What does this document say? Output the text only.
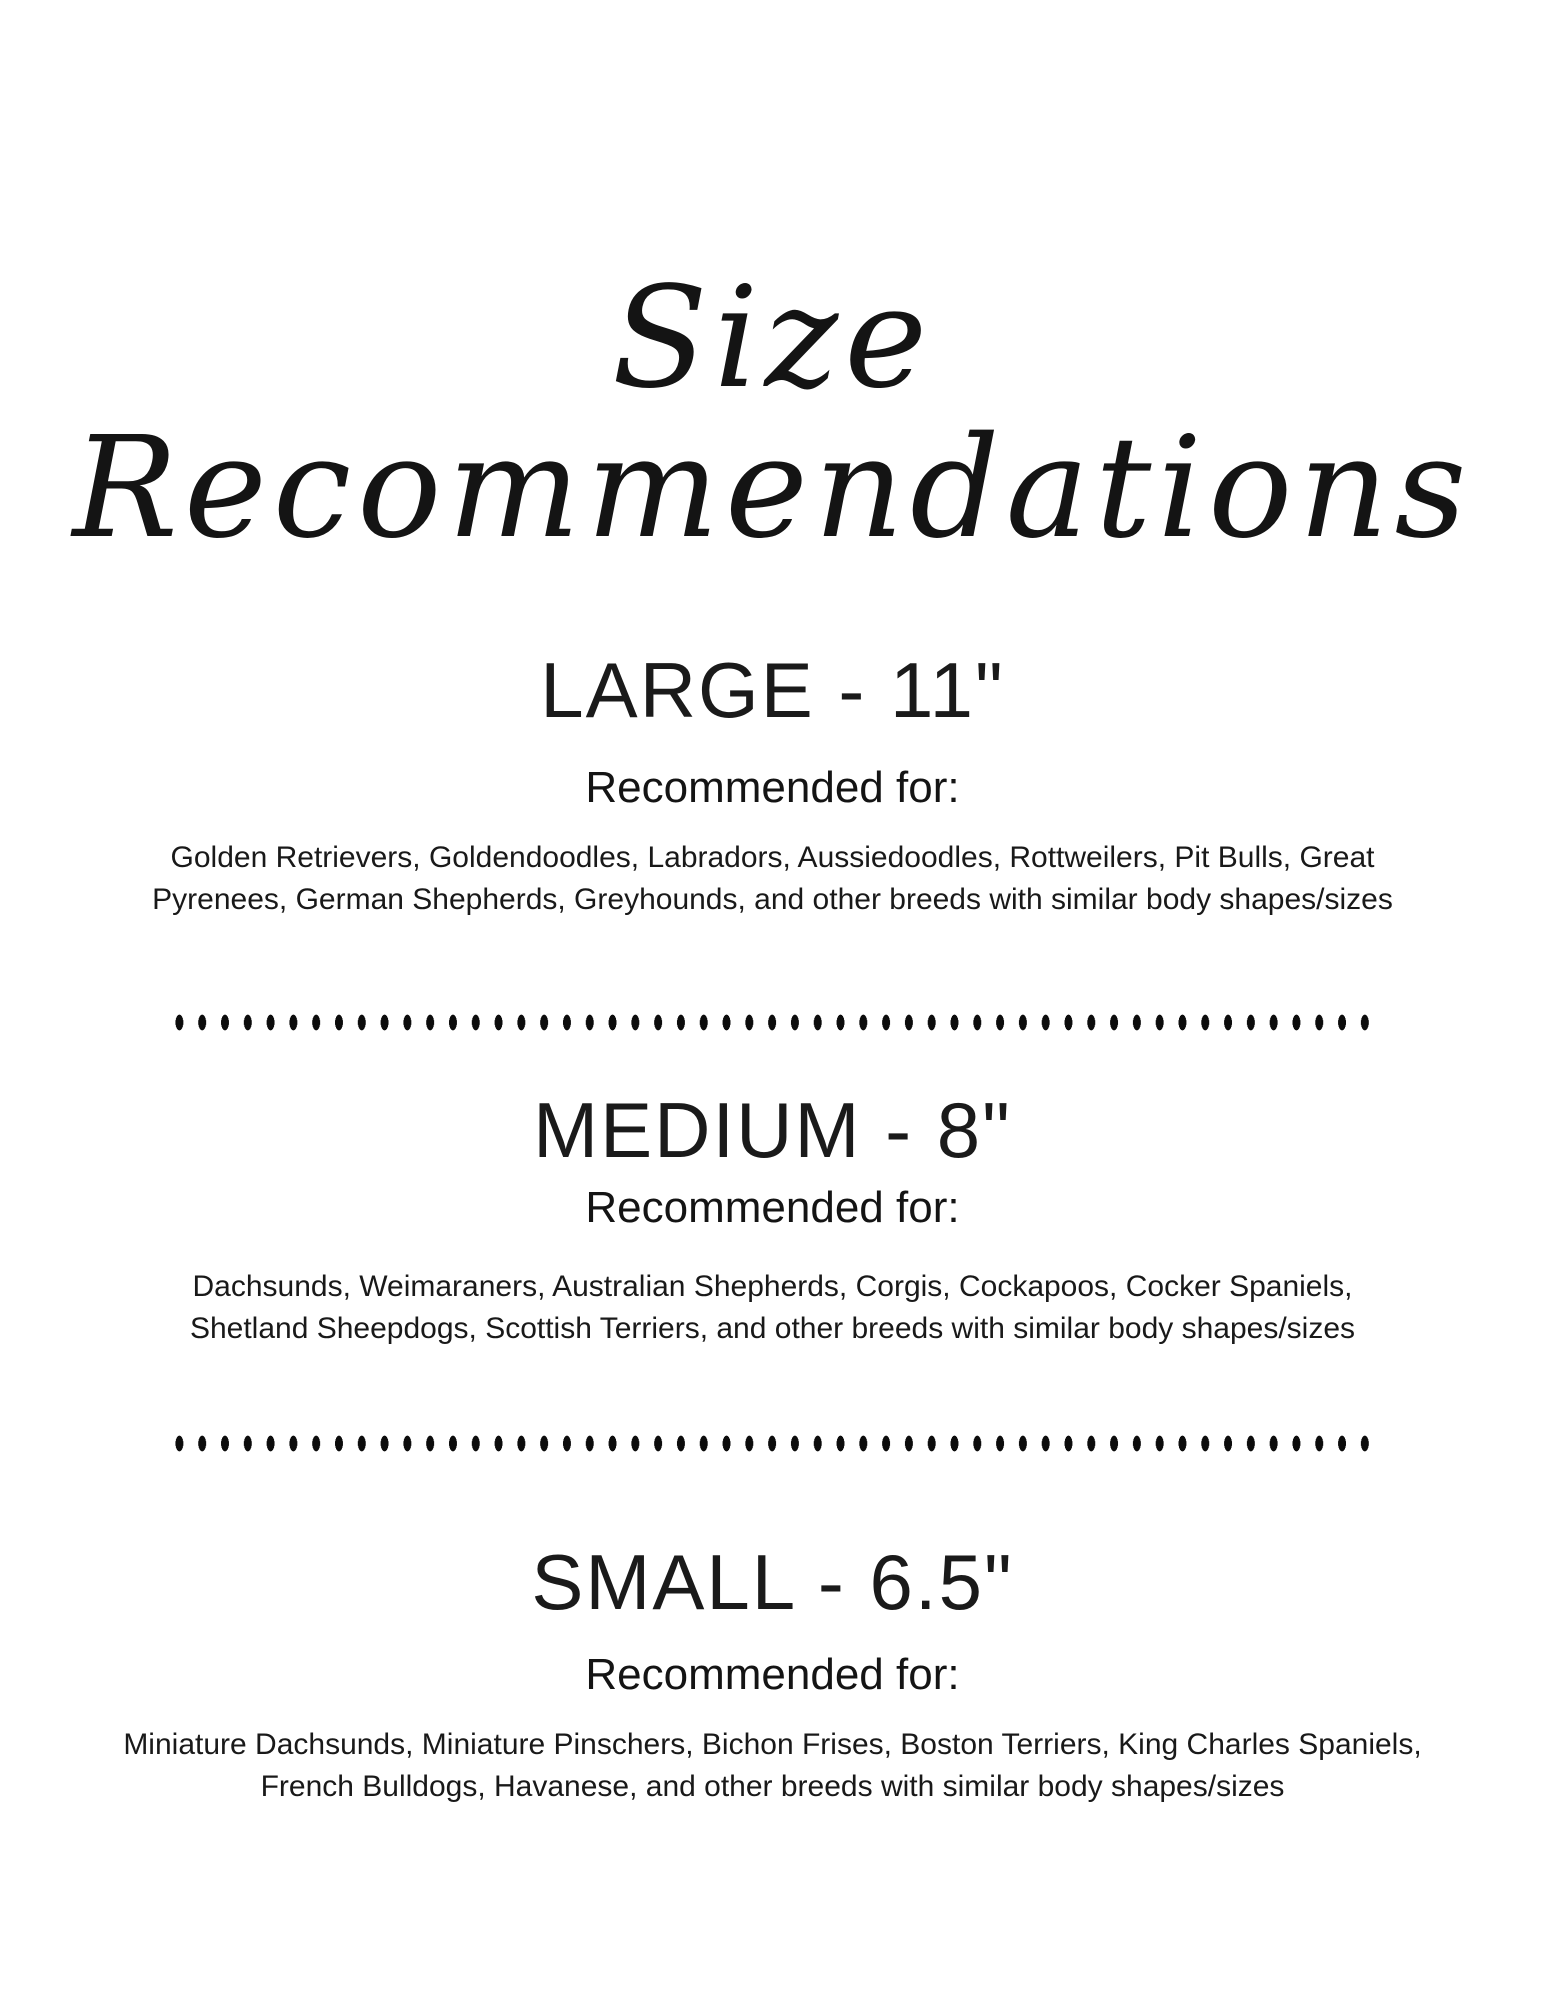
Size
Recommendations
LARGE - 11"
Recommended for:
Golden Retrievers, Goldendoodles, Labradors, Aussiedoodles, Rottweilers, Pit Bulls, Great
Pyrenees, German Shepherds, Greyhounds, and other breeds with similar body shapes/sizes
MEDIUM - 8"
Recommended for:
Dachsunds, Weimaraners, Australian Shepherds, Corgis, Cockapoos, Cocker Spaniels,
Shetland Sheepdogs, Scottish Terriers, and other breeds with similar body shapes/sizes
SMALL - 6.5"
Recommended for:
Miniature Dachsunds, Miniature Pinschers, Bichon Frises, Boston Terriers, King Charles Spaniels,
French Bulldogs, Havanese, and other breeds with similar body shapes/sizes
